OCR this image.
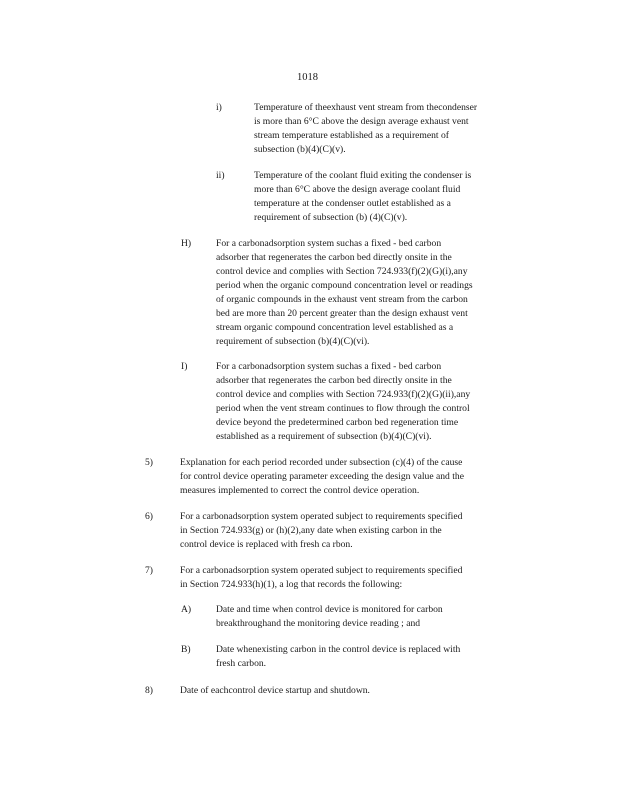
1018
i)	Temperature of theexhaust vent stream from thecondenser
is more than 6°C above the design average exhaust vent
stream temperature established as a requirement of
subsection (b)(4)(C)(v).
ii)	Temperature of the coolant fluid exiting the condenser is
more than 6°C above the design average coolant fluid
temperature at the condenser outlet established as a
requirement of subsection (b) (4)(C)(v).
H)	For a carbonadsorption system suchas a fixed - bed carbon
adsorber that regenerates the carbon bed directly onsite in the
control device and complies with Section 724.933(f)(2)(G)(i),any
period when the organic compound concentration level or readings
of organic compounds in the exhaust vent stream from the carbon
bed are more than 20 percent greater than the design exhaust vent
stream organic compound concentration level established as a
requirement of subsection (b)(4)(C)(vi).
I)	For a carbonadsorption system suchas a fixed - bed carbon
adsorber that regenerates the carbon bed directly onsite in the
control device and complies with Section 724.933(f)(2)(G)(ii),any
period when the vent stream continues to flow through the control
device beyond the predetermined carbon bed regeneration time
established as a requirement of subsection (b)(4)(C)(vi).
5)	Explanation for each period recorded under subsection (c)(4) of the cause
for control device operating parameter exceeding the design value and the
measures implemented to correct the control device operation.
6)	For a carbonadsorption system operated subject to requirements specified
in Section 724.933(g) or (h)(2),any date when existing carbon in the
control device is replaced with fresh ca rbon.
7)	For a carbonadsorption system operated subject to requirements specified
in Section 724.933(h)(1), a log that records the following:
A)	Date and time when control device is monitored for carbon
breakthroughand the monitoring device reading ; and
B)	Date whenexisting carbon in the control device is replaced with
fresh carbon.
8)	Date of eachcontrol device startup and shutdown.
